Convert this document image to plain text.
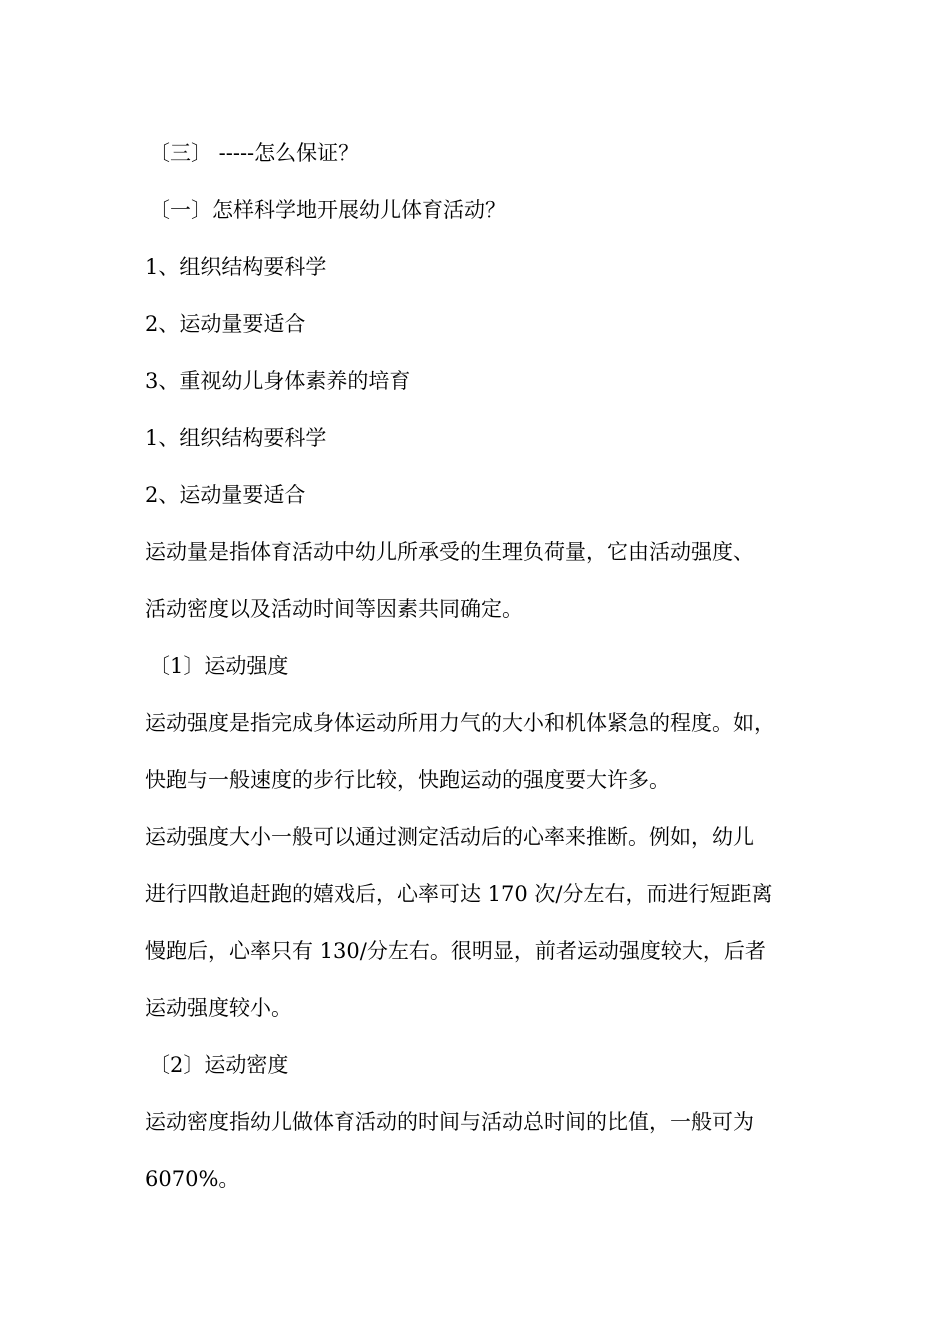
〔三〕 -----怎么保证？
〔一〕怎样科学地开展幼儿体育活动？
1、组织结构要科学
2、运动量要适合
3、重视幼儿身体素养的培育
1、组织结构要科学
2、运动量要适合
运动量是指体育活动中幼儿所承受的生理负荷量，它由活动强度、
活动密度以及活动时间等因素共同确定。
〔1〕运动强度
运动强度是指完成身体运动所用力气的大小和机体紧急的程度。如，
快跑与一般速度的步行比较，快跑运动的强度要大许多。
运动强度大小一般可以通过测定活动后的心率来推断。例如，幼儿
进行四散追赶跑的嬉戏后，心率可达 170 次/分左右，而进行短距离
慢跑后，心率只有 130/分左右。很明显，前者运动强度较大，后者
运动强度较小。
〔2〕运动密度
运动密度指幼儿做体育活动的时间与活动总时间的比值，一般可为
6070%。
